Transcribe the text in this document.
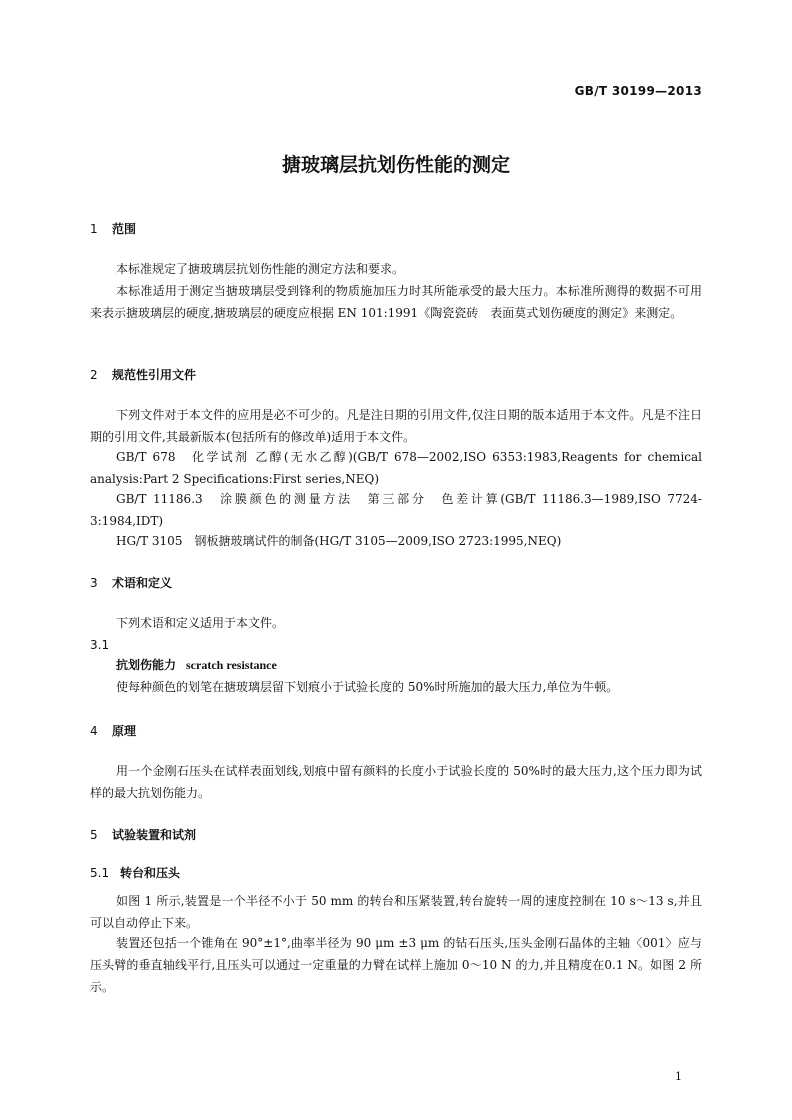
GB/T 30199—2013
搪玻璃层抗划伤性能的测定
1 范围

本标准规定了搪玻璃层抗划伤性能的测定方法和要求。

本标准适用于测定当搪玻璃层受到锋利的物质施加压力时其所能承受的最大压力。本标准所测得的数据不可用来表示搪玻璃层的硬度,搪玻璃层的硬度应根据 EN 101:1991《陶瓷瓷砖　表面莫式划伤硬度的测定》来测定。

2 规范性引用文件

下列文件对于本文件的应用是必不可少的。凡是注日期的引用文件,仅注日期的版本适用于本文件。凡是不注日期的引用文件,其最新版本(包括所有的修改单)适用于本文件。

GB/T 678　化学试剂 乙醇(无水乙醇)(GB/T 678—2002,ISO 6353:1983,Reagents for chemical analysis:Part 2 Specifications:First series,NEQ)

GB/T 11186.3　涂膜颜色的测量方法　第三部分　色差计算(GB/T 11186.3—1989,ISO 7724-3:1984,IDT)

HG/T 3105　钢板搪玻璃试件的制备(HG/T 3105—2009,ISO 2723:1995,NEQ)

3 术语和定义

下列术语和定义适用于本文件。

3.1
抗划伤能力 scratch resistance

使每种颜色的划笔在搪玻璃层留下划痕小于试验长度的 50%时所施加的最大压力,单位为牛顿。

4 原理

用一个金刚石压头在试样表面划线,划痕中留有颜料的长度小于试验长度的 50%时的最大压力,这个压力即为试样的最大抗划伤能力。

5 试验装置和试剂
5.1 转台和压头

如图 1 所示,装置是一个半径不小于 50 mm 的转台和压紧装置,转台旋转一周的速度控制在 10 s～13 s,并且可以自动停止下来。

装置还包括一个锥角在 90°±1°,曲率半径为 90 μm ±3 μm 的钻石压头,压头金刚石晶体的主轴〈001〉应与压头臂的垂直轴线平行,且压头可以通过一定重量的力臂在试样上施加 0～10 N 的力,并且精度在0.1 N。如图 2 所示。

1
